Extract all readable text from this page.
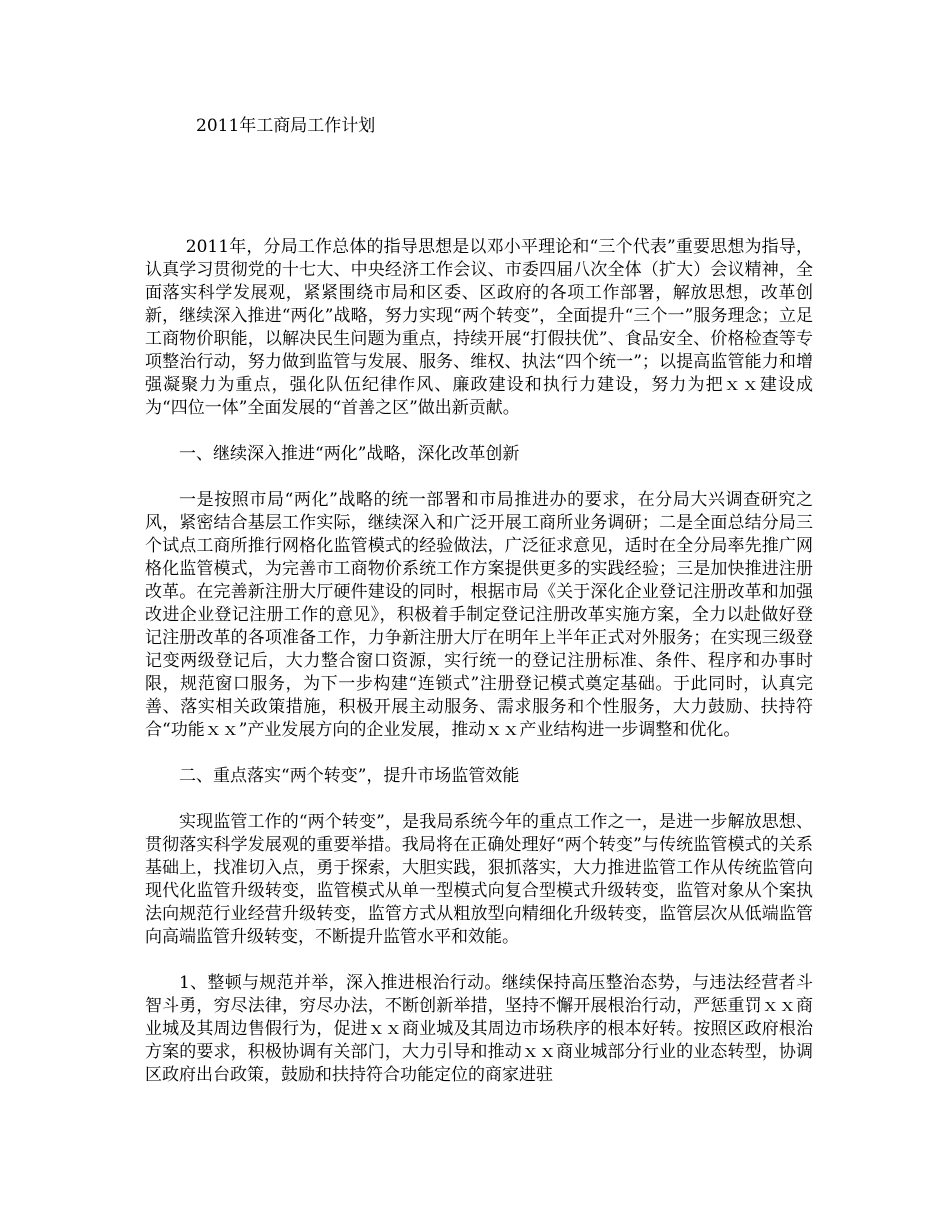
2011年工商局工作计划

2011年，分局工作总体的指导思想是以邓小平理论和“三个代表”重要思想为指导，认真学习贯彻党的十七大、中央经济工作会议、市委四届八次全体（扩大）会议精神，全面落实科学发展观，紧紧围绕市局和区委、区政府的各项工作部署，解放思想，改革创新，继续深入推进“两化”战略，努力实现“两个转变”，全面提升“三个一”服务理念；立足工商物价职能，以解决民生问题为重点，持续开展“打假扶优”、食品安全、价格检查等专项整治行动，努力做到监管与发展、服务、维权、执法“四个统一”；以提高监管能力和增强凝聚力为重点，强化队伍纪律作风、廉政建设和执行力建设，努力为把ｘｘ建设成为“四位一体”全面发展的“首善之区”做出新贡献。

一、继续深入推进“两化”战略，深化改革创新

一是按照市局“两化”战略的统一部署和市局推进办的要求，在分局大兴调查研究之风，紧密结合基层工作实际，继续深入和广泛开展工商所业务调研；二是全面总结分局三个试点工商所推行网格化监管模式的经验做法，广泛征求意见，适时在全分局率先推广网格化监管模式，为完善市工商物价系统工作方案提供更多的实践经验；三是加快推进注册改革。在完善新注册大厅硬件建设的同时，根据市局《关于深化企业登记注册改革和加强改进企业登记注册工作的意见》，积极着手制定登记注册改革实施方案，全力以赴做好登记注册改革的各项准备工作，力争新注册大厅在明年上半年正式对外服务；在实现三级登记变两级登记后，大力整合窗口资源，实行统一的登记注册标准、条件、程序和办事时限，规范窗口服务，为下一步构建“连锁式”注册登记模式奠定基础。于此同时，认真完善、落实相关政策措施，积极开展主动服务、需求服务和个性服务，大力鼓励、扶持符合“功能ｘｘ”产业发展方向的企业发展，推动ｘｘ产业结构进一步调整和优化。

二、重点落实“两个转变”，提升市场监管效能

实现监管工作的“两个转变”，是我局系统今年的重点工作之一，是进一步解放思想、贯彻落实科学发展观的重要举措。我局将在正确处理好“两个转变”与传统监管模式的关系基础上，找准切入点，勇于探索，大胆实践，狠抓落实，大力推进监管工作从传统监管向现代化监管升级转变，监管模式从单一型模式向复合型模式升级转变，监管对象从个案执法向规范行业经营升级转变，监管方式从粗放型向精细化升级转变，监管层次从低端监管向高端监管升级转变，不断提升监管水平和效能。

1、整顿与规范并举，深入推进根治行动。继续保持高压整治态势，与违法经营者斗智斗勇，穷尽法律，穷尽办法，不断创新举措，坚持不懈开展根治行动，严惩重罚ｘｘ商业城及其周边售假行为，促进ｘｘ商业城及其周边市场秩序的根本好转。按照区政府根治方案的要求，积极协调有关部门，大力引导和推动ｘｘ商业城部分行业的业态转型，协调区政府出台政策，鼓励和扶持符合功能定位的商家进驻
